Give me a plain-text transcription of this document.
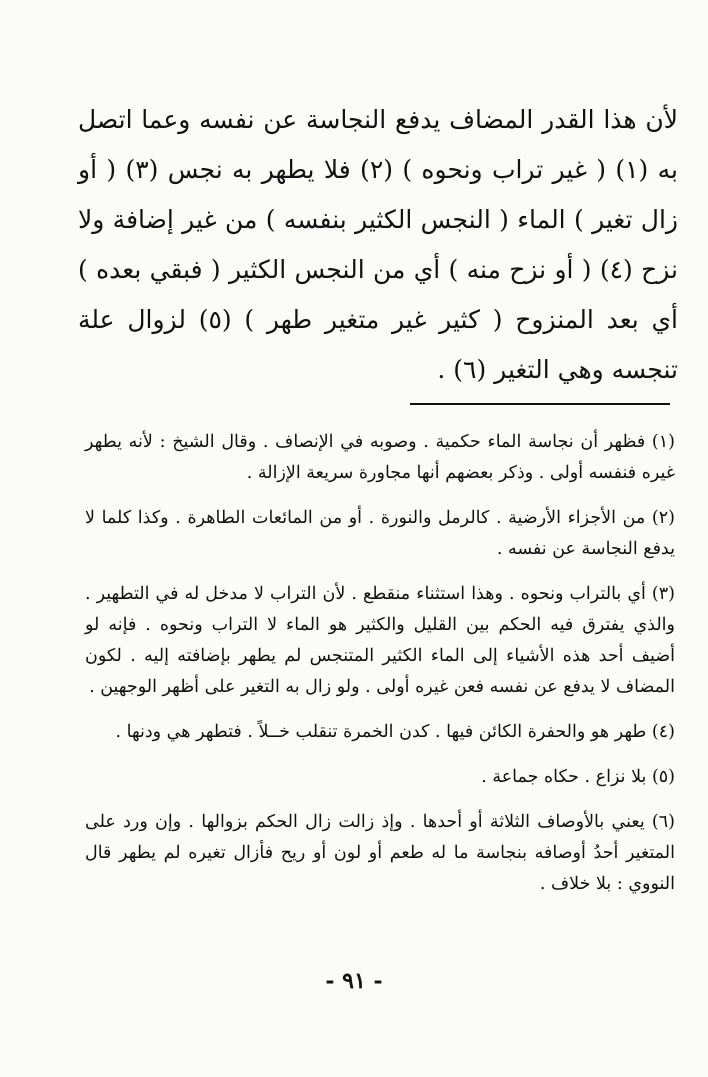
لأن هذا القدر المضاف يدفع النجاسة عن نفسه وعما اتصل به (١) ( غير تراب ونحوه ) (٢) فلا يطهر به نجس (٣) ( أو زال تغير ) الماء ( النجس الكثير بنفسه ) من غير إضافة ولا نزح (٤) ( أو نزح منه ) أي من النجس الكثير ( فبقي بعده ) أي بعد المنزوح ( كثير غير متغير طهر ) (٥) لزوال علة تنجسه وهي التغير (٦) .

(١) فظهر أن نجاسة الماء حكمية . وصوبه في الإنصاف . وقال الشيخ : لأنه يطهر غيره فنفسه أولى . وذكر بعضهم أنها مجاورة سريعة الإزالة .

(٢) من الأجزاء الأرضية . كالرمل والنورة . أو من المائعات الطاهرة . وكذا كلما لا يدفع النجاسة عن نفسه .

(٣) أي بالتراب ونحوه . وهذا استثناء منقطع . لأن التراب لا مدخل له في التطهير . والذي يفترق فيه الحكم بين القليل والكثير هو الماء لا التراب ونحوه . فإنه لو أضيف أحد هذه الأشياء إلى الماء الكثير المتنجس لم يطهر بإضافته إليه . لكون المضاف لا يدفع عن نفسه فعن غيره أولى . ولو زال به التغير على أظهر الوجهين .

(٤) طهر هو والحفرة الكائن فيها . كدن الخمرة تنقلب خــلاً . فتطهر هي ودنها .

(٥) بلا نزاع . حكاه جماعة .

(٦) يعني بالأوصاف الثلاثة أو أحدها . وإذ زالت زال الحكم بزوالها . وإن ورد على المتغير أحدُ أوصافه بنجاسة ما له طعم أو لون أو ريح فأزال تغيره لم يطهر قال النووي : بلا خلاف .

- ٩١ -
